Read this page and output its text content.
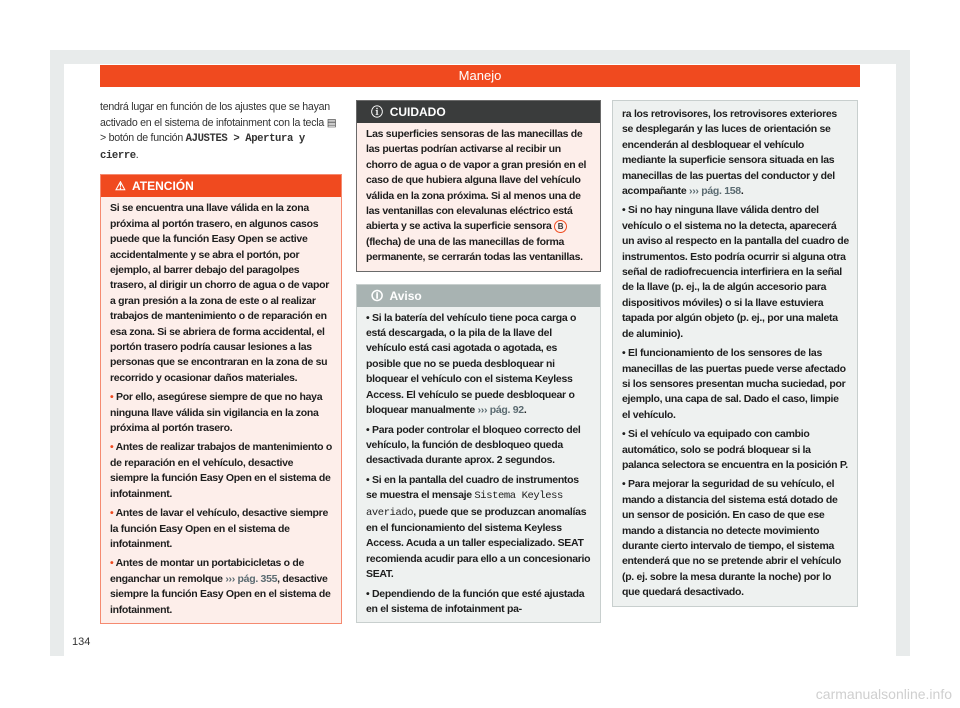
Manejo
tendrá lugar en función de los ajustes que se hayan activado en el sistema de infotainment con la tecla ▤ > botón de función AJUSTES > Apertura y cierre.
⚠ ATENCIÓN

Si se encuentra una llave válida en la zona próxima al portón trasero, en algunos casos puede que la función Easy Open se active accidentalmente y se abra el portón, por ejemplo, al barrer debajo del paragolpes trasero, al dirigir un chorro de agua o de vapor a gran presión a la zona de este o al realizar trabajos de mantenimiento o de reparación en esa zona. Si se abriera de forma accidental, el portón trasero podría causar lesiones a las personas que se encontraran en la zona de su recorrido y ocasionar daños materiales.

• Por ello, asegúrese siempre de que no haya ninguna llave válida sin vigilancia en la zona próxima al portón trasero.

• Antes de realizar trabajos de mantenimiento o de reparación en el vehículo, desactive siempre la función Easy Open en el sistema de infotainment.

• Antes de lavar el vehículo, desactive siempre la función Easy Open en el sistema de infotainment.

• Antes de montar un portabicicletas o de enganchar un remolque ››› pág. 355, desactive siempre la función Easy Open en el sistema de infotainment.

ⓘ CUIDADO

Las superficies sensoras de las manecillas de las puertas podrían activarse al recibir un chorro de agua o de vapor a gran presión en el caso de que hubiera alguna llave del vehículo válida en la zona próxima. Si al menos una de las ventanillas con elevalunas eléctrico está abierta y se activa la superficie sensora B (flecha) de una de las manecillas de forma permanente, se cerrarán todas las ventanillas.

🛈 Aviso

• Si la batería del vehículo tiene poca carga o está descargada, o la pila de la llave del vehículo está casi agotada o agotada, es posible que no se pueda desbloquear ni bloquear el vehículo con el sistema Keyless Access. El vehículo se puede desbloquear o bloquear manualmente ››› pág. 92.

• Para poder controlar el bloqueo correcto del vehículo, la función de desbloqueo queda desactivada durante aprox. 2 segundos.

• Si en la pantalla del cuadro de instrumentos se muestra el mensaje Sistema Keyless averiado, puede que se produzcan anomalías en el funcionamiento del sistema Keyless Access. Acuda a un taller especializado. SEAT recomienda acudir para ello a un concesionario SEAT.

• Dependiendo de la función que esté ajustada en el sistema de infotainment pa-

ra los retrovisores, los retrovisores exteriores se desplegarán y las luces de orientación se encenderán al desbloquear el vehículo mediante la superficie sensora situada en las manecillas de las puertas del conductor y del acompañante ››› pág. 158.

• Si no hay ninguna llave válida dentro del vehículo o el sistema no la detecta, aparecerá un aviso al respecto en la pantalla del cuadro de instrumentos. Esto podría ocurrir si alguna otra señal de radiofrecuencia interfiriera en la señal de la llave (p. ej., la de algún accesorio para dispositivos móviles) o si la llave estuviera tapada por algún objeto (p. ej., por una maleta de aluminio).

• El funcionamiento de los sensores de las manecillas de las puertas puede verse afectado si los sensores presentan mucha suciedad, por ejemplo, una capa de sal. Dado el caso, limpie el vehículo.

• Si el vehículo va equipado con cambio automático, solo se podrá bloquear si la palanca selectora se encuentra en la posición P.

• Para mejorar la seguridad de su vehículo, el mando a distancia del sistema está dotado de un sensor de posición. En caso de que ese mando a distancia no detecte movimiento durante cierto intervalo de tiempo, el sistema entenderá que no se pretende abrir el vehículo (p. ej. sobre la mesa durante la noche) por lo que quedará desactivado.

134
carmanualsonline.info
